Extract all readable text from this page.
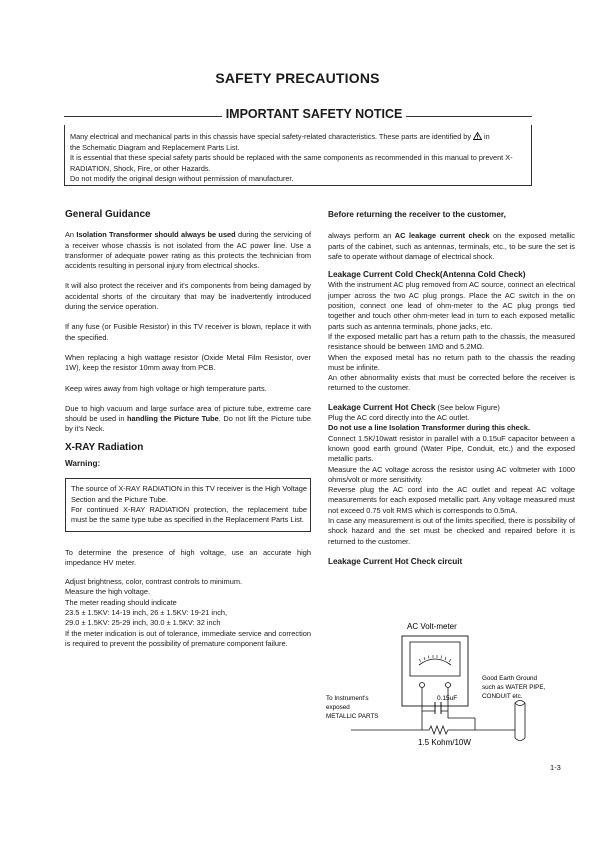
SAFETY PRECAUTIONS
IMPORTANT SAFETY NOTICE

Many electrical and mechanical parts in this chassis have special safety-related characteristics. These parts are identified by in

the Schematic Diagram and Replacement Parts List.

It is essential that these special safety parts should be replaced with the same components as recommended in this manual to prevent X-RADIATION, Shock, Fire, or other Hazards.

Do not modify the original design without permission of manufacturer.

General Guidance

An Isolation Transformer should always be used during the servicing of a receiver whose chassis is not isolated from the AC power line. Use a transformer of adequate power rating as this protects the technician from accidents resulting in personal injury from electrical shocks.

It will also protect the receiver and it's components from being damaged by accidental shorts of the circuitary that may be inadvertently introduced during the service operation.

If any fuse (or Fusible Resistor) in this TV receiver is blown, replace it with the specified.

When replacing a high wattage resistor (Oxide Metal Film Resistor, over 1W), keep the resistor 10mm away from PCB.

Keep wires away from high voltage or high temperature parts.

Due to high vacuum and large surface area of picture tube, extreme care should be used in handling the Picture Tube. Do not lift the Picture tube by it's Neck.

X-RAY Radiation
Warning:

The source of X-RAY RADIATION in this TV receiver is the High Voltage Section and the Picture Tube.

For continued X-RAY RADIATION protection, the replacement tube must be the same type tube as specified in the Replacement Parts List.

To determine the presence of high voltage, use an accurate high impedance HV meter.

Adjust brightness, color, contrast controls to minimum.

Measure the high voltage.

The meter reading should indicate

23.5 ± 1.5KV: 14-19 inch, 26 ± 1.5KV: 19-21 inch,

29.0 ± 1.5KV: 25-29 inch, 30.0 ± 1.5KV: 32 inch

If the meter indication is out of tolerance, immediate service and correction is required to prevent the possibility of premature component failure.

Before returning the receiver to the customer,

always perform an AC leakage current check on the exposed metallic parts of the cabinet, such as antennas, terminals, etc., to be sure the set is safe to operate without damage of electrical shock.

Leakage Current Cold Check(Antenna Cold Check)

With the instrument AC plug removed from AC source, connect an electrical jumper across the two AC plug prongs. Place the AC switch in the on position, connect one lead of ohm-meter to the AC plug prongs tied together and touch other ohm-meter lead in turn to each exposed metallic parts such as antenna terminals, phone jacks, etc.

If the exposed metallic part has a return path to the chassis, the measured resistance should be between 1MΩ and 5.2MΩ.

When the exposed metal has no return path to the chassis the reading must be infinite.

An other abnormality exists that must be corrected before the receiver is returned to the customer.

Leakage Current Hot Check (See below Figure)

Plug the AC cord directly into the AC outlet.

Do not use a line Isolation Transformer during this check.

Connect 1.5K/10watt resistor in parallel with a 0.15uF capacitor between a known good earth ground (Water Pipe, Conduit, etc.) and the exposed metallic parts.

Measure the AC voltage across the resistor using AC voltmeter with 1000 ohms/volt or more sensitivity.

Reverse plug the AC cord into the AC outlet and repeat AC voltage measurements for each exposed metallic part. Any voltage measured must not exceed 0.75 volt RMS which is corresponds to 0.5mA.

In case any measurement is out of the limits specified, there is possibility of shock hazard and the set must be checked and repaired before it is returned to the customer.

Leakage Current Hot Check circuit
AC Volt-meter
0.15uF
1.5 Kohm/10W
To Instrument's
exposed
METALLIC PARTS
Good Earth Ground
such as WATER PIPE,
CONDUIT etc.
1-3
